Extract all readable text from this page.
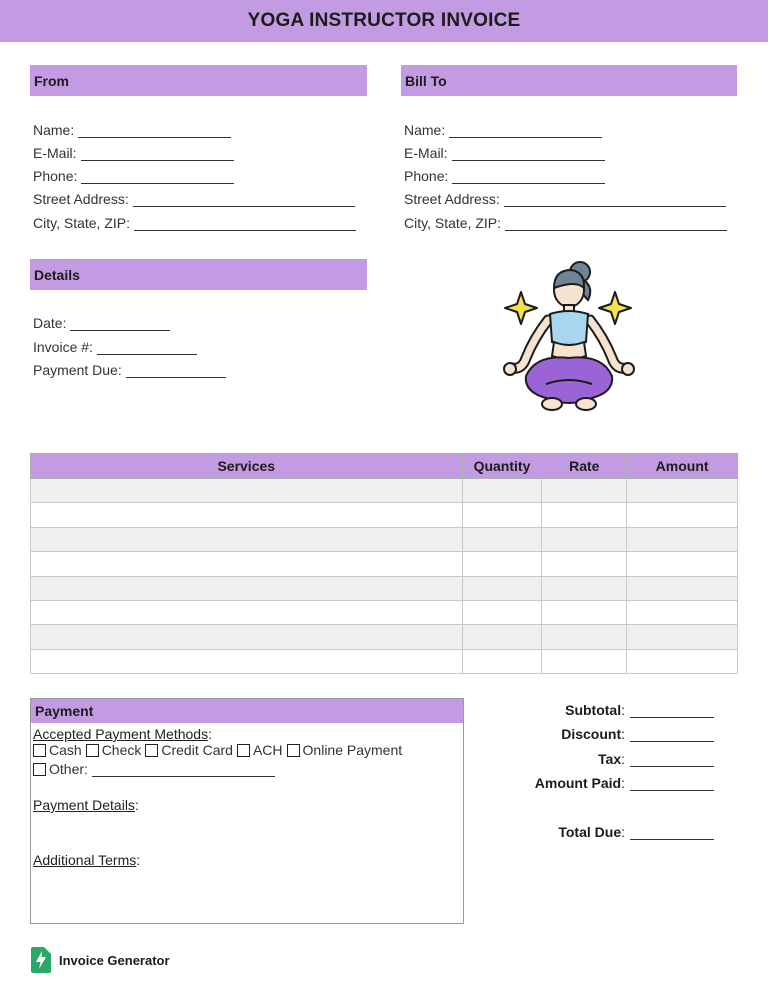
YOGA INSTRUCTOR INVOICE
From
Name:
E-Mail:
Phone:
Street Address:
City, State, ZIP:
Bill To
Name:
E-Mail:
Phone:
Street Address:
City, State, ZIP:
Details
Date:
Invoice #:
Payment Due:
Services	Quantity	Rate	Amount

Payment
Accepted Payment Methods:
Cash Check Credit Card ACH Online Payment
Other:
Payment Details:
Additional Terms:
Subtotal :
Discount :
Tax :
Amount Paid :
Total Due :
Invoice Generator
